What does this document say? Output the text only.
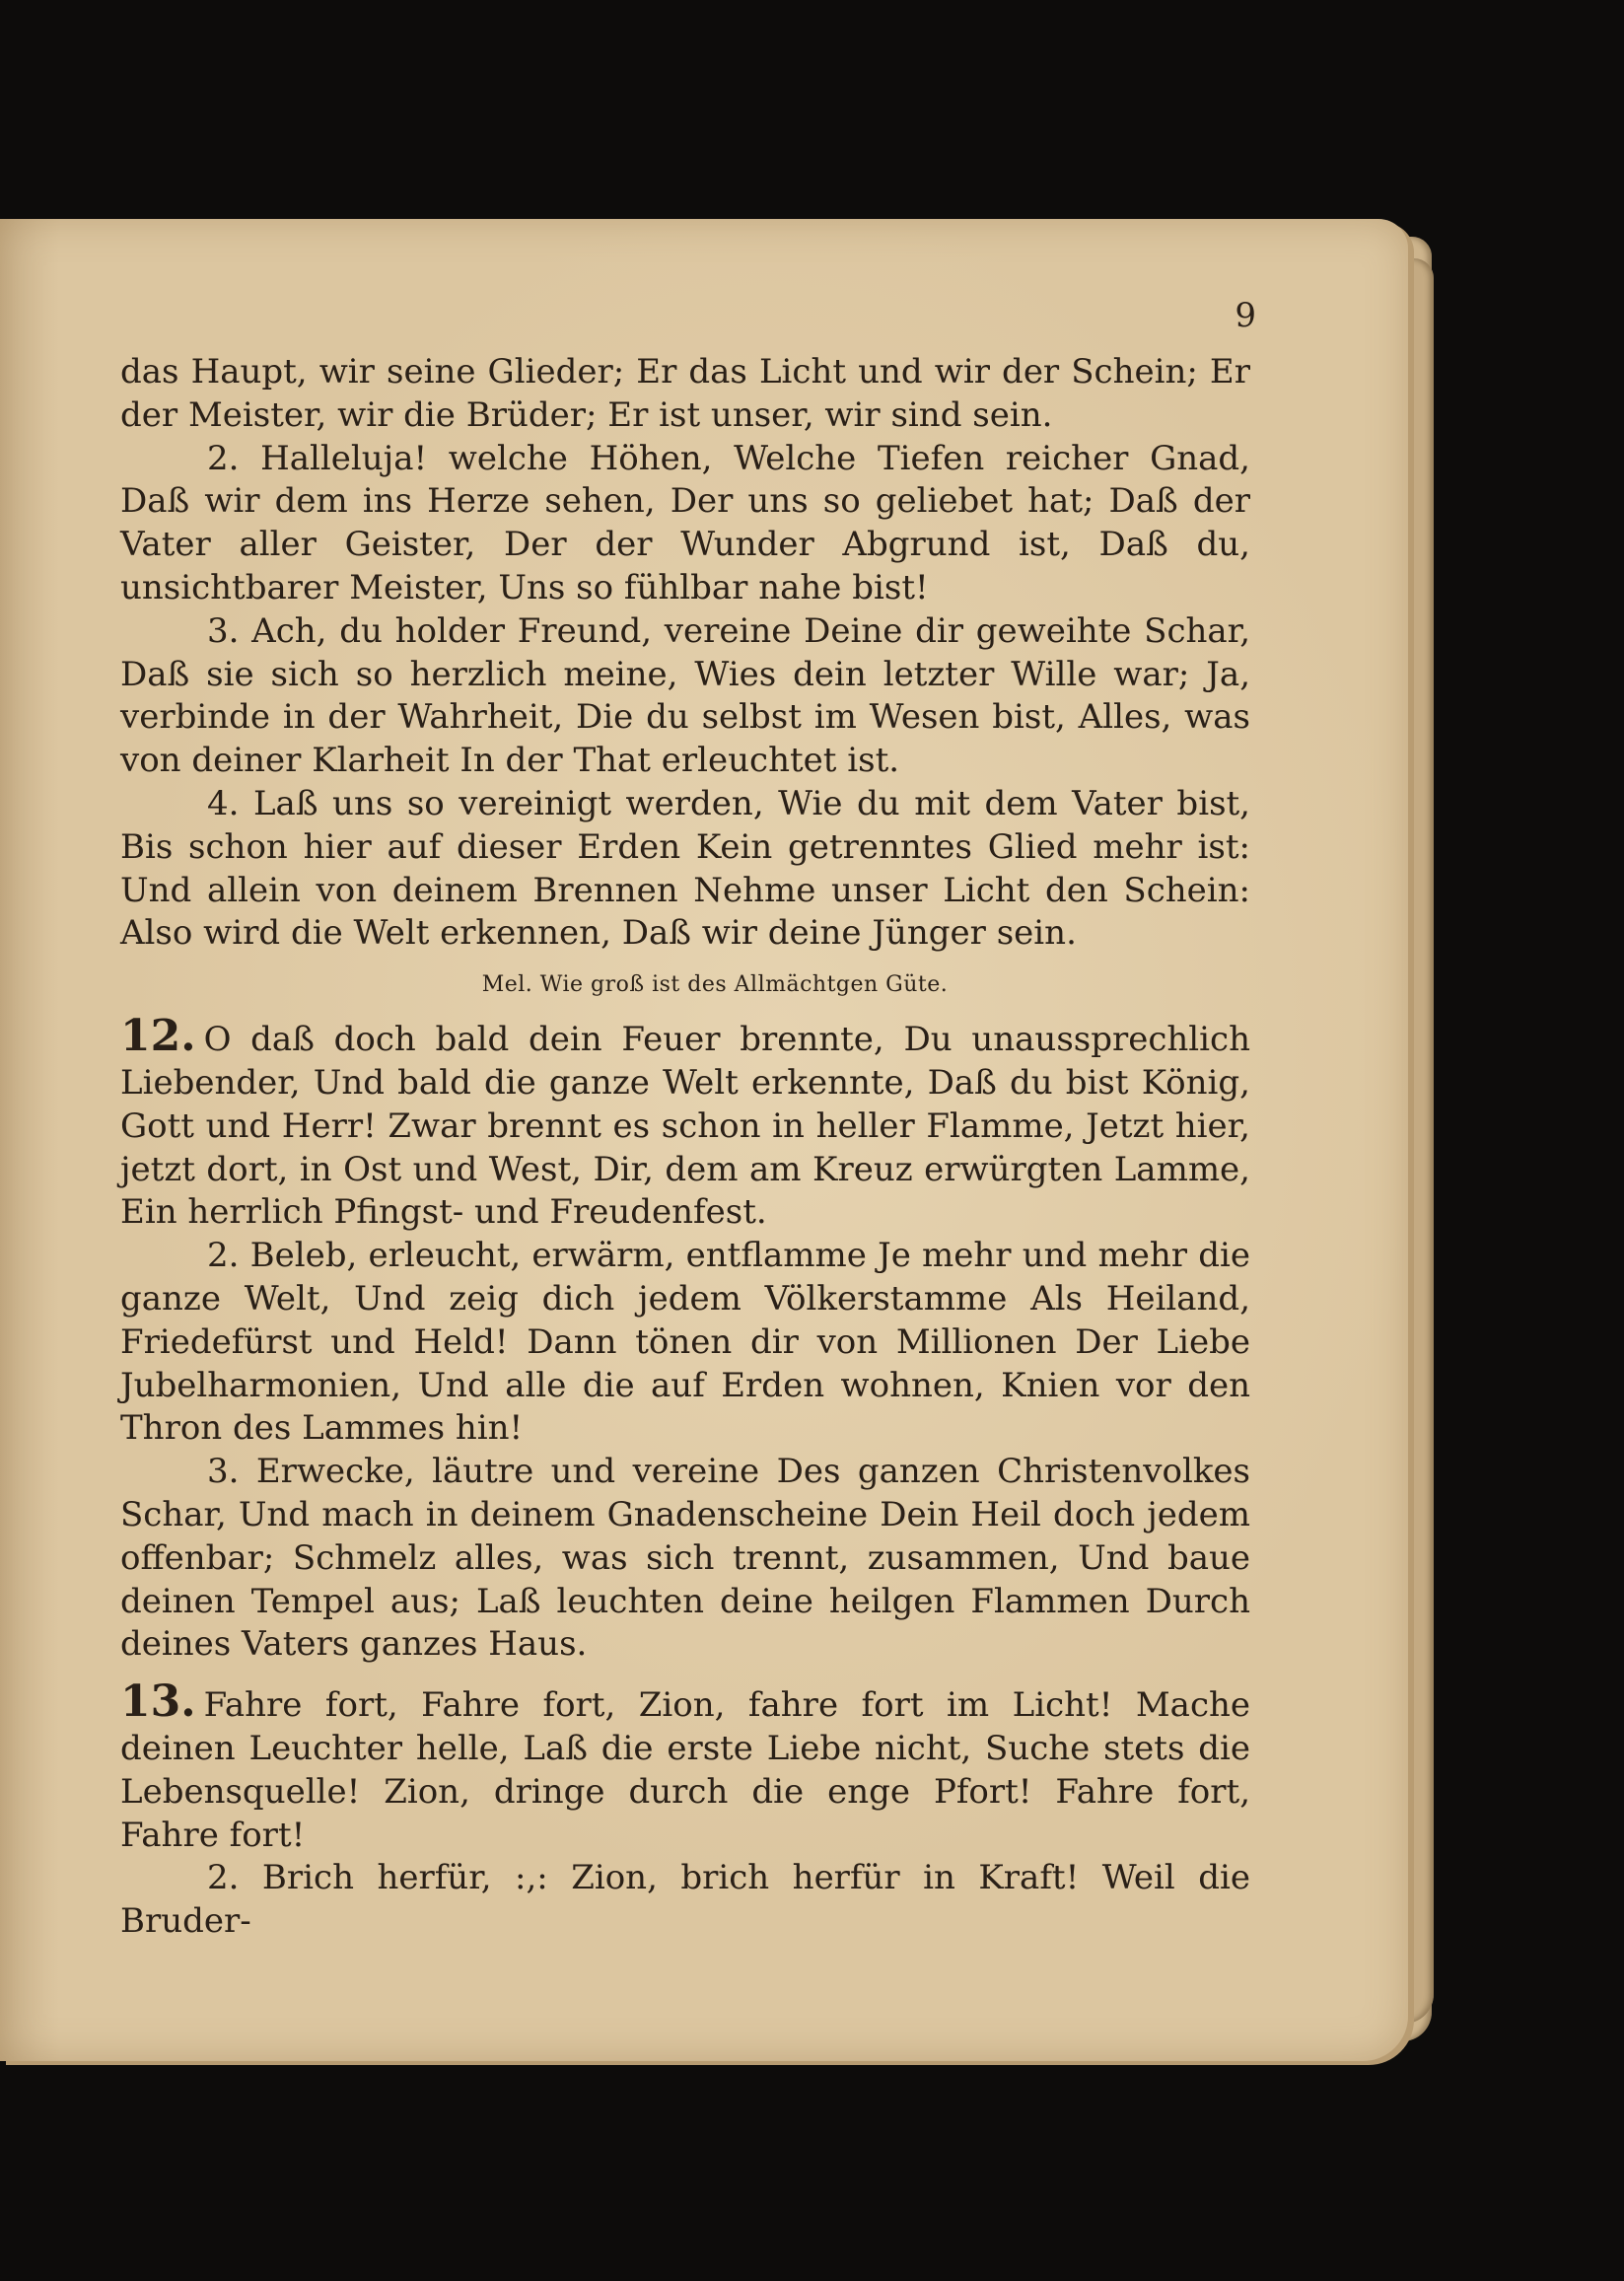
9

das Haupt, wir seine Glieder; Er das Licht und wir der Schein; Er der Meister, wir die Brüder; Er ist unser, wir sind sein.

2. Halleluja! welche Höhen, Welche Tiefen reicher Gnad, Daß wir dem ins Herze sehen, Der uns so geliebet hat; Daß der Vater aller Geister, Der der Wunder Abgrund ist, Daß du, unsichtbarer Meister, Uns so fühlbar nahe bist!

3. Ach, du holder Freund, vereine Deine dir geweihte Schar, Daß sie sich so herzlich meine, Wies dein letzter Wille war; Ja, verbinde in der Wahrheit, Die du selbst im Wesen bist, Alles, was von deiner Klarheit In der That erleuchtet ist.

4. Laß uns so vereinigt werden, Wie du mit dem Vater bist, Bis schon hier auf dieser Erden Kein getrenntes Glied mehr ist: Und allein von deinem Brennen Nehme unser Licht den Schein: Also wird die Welt erkennen, Daß wir deine Jünger sein.

Mel. Wie groß ist des Allmächtgen Güte.

12. O daß doch bald dein Feuer brennte, Du unaussprechlich Liebender, Und bald die ganze Welt erkennte, Daß du bist König, Gott und Herr! Zwar brennt es schon in heller Flamme, Jetzt hier, jetzt dort, in Ost und West, Dir, dem am Kreuz erwürgten Lamme, Ein herrlich Pfingst- und Freudenfest.

2. Beleb, erleucht, erwärm, entflamme Je mehr und mehr die ganze Welt, Und zeig dich jedem Völkerstamme Als Heiland, Friedefürst und Held! Dann tönen dir von Millionen Der Liebe Jubelharmonien, Und alle die auf Erden wohnen, Knien vor den Thron des Lammes hin!

3. Erwecke, läutre und vereine Des ganzen Christenvolkes Schar, Und mach in deinem Gnadenscheine Dein Heil doch jedem offenbar; Schmelz alles, was sich trennt, zusammen, Und baue deinen Tempel aus; Laß leuchten deine heilgen Flammen Durch deines Vaters ganzes Haus.

13. Fahre fort, Fahre fort, Zion, fahre fort im Licht! Mache deinen Leuchter helle, Laß die erste Liebe nicht, Suche stets die Lebensquelle! Zion, dringe durch die enge Pfort! Fahre fort, Fahre fort!

2. Brich herfür, :,: Zion, brich herfür in Kraft! Weil die Bruder-
